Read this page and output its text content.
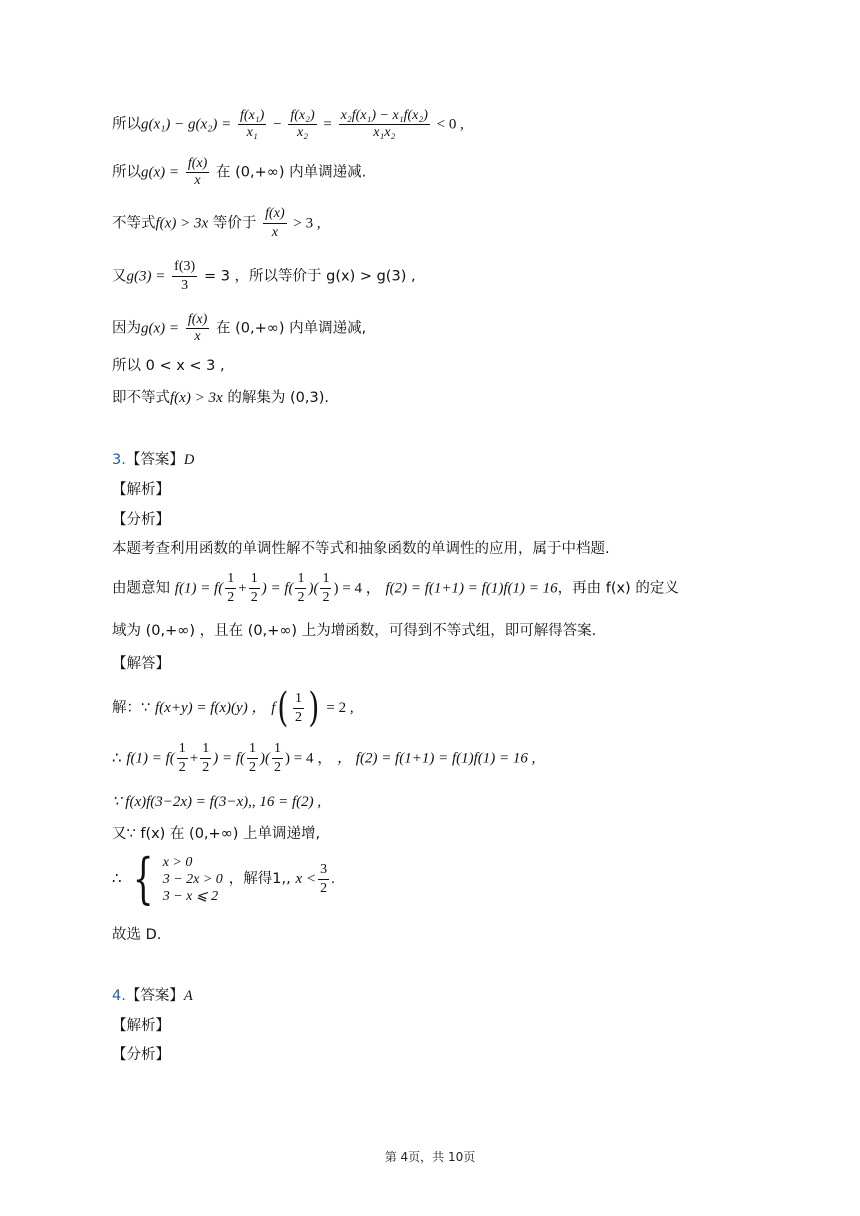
所以$g(x_1) - g(x_2) = \frac{\text{f(x₁)}}{\text{x₁}} - \frac{\text{f(x₂)}}{\text{x₂}} = \frac{\text{x₂f(x₁) − x₁f(x₂)}}{\text{x₁x₂}} < 0$ ,
所以$g(x) = \frac{f(x)}{x}$ 在 (0,+∞) 内单调递减.
不等式f(x) > 3x 等价于 $\frac{f(x)}{x} > 3$ ,
又$g(3) = \frac{f(3)}{3} = 3$ ，所以等价于 g(x) > g(3) ,
因为$g(x) = \frac{f(x)}{x}$ 在 (0,+∞) 内单调递减,
所以 0 < x < 3 ,
即不等式f(x) > 3x 的解集为 (0,3).
3.【答案】D
【解析】
【分析】
本题考查利用函数的单调性解不等式和抽象函数的单调性的应用，属于中档题.
由题意知 $f(1) = f( \frac{1}{2} + \frac{1}{2}$ ) = $f( \frac{1}{2}$ )( $\frac{1}{2}$ ) = 4 ， f(2) = f(1+1) = f(1)f(1) = 16，再由 f(x) 的定义
域为 (0,+∞) ，且在 (0,+∞) 上为增函数，可得到不等式组，即可解得答案.
【解答】
解：∵ f(x+y) = f(x)(y) ， $f( \frac{1}{2}$ ) = 2 ,
∴ $f(1) = f( \frac{1}{2} + \frac{1}{2}$ ) = $f( \frac{1}{2}$ )( $\frac{1}{2}$ ) = 4 ， ， f(2) = f(1+1) = f(1)f(1) = 16 ,
∵ f(x)f(3−2x) = f(3−x),, 16 = f(2) ,
又∵ f(x) 在 (0,+∞) 上单调递增,
∴ { x > 0
3 − 2x > 0
3 − x ⩽ 2
，解得1,, $x < \frac{3}{2}$ .
故选 D.
4.【答案】A
【解析】
【分析】
第 4页，共 10页
